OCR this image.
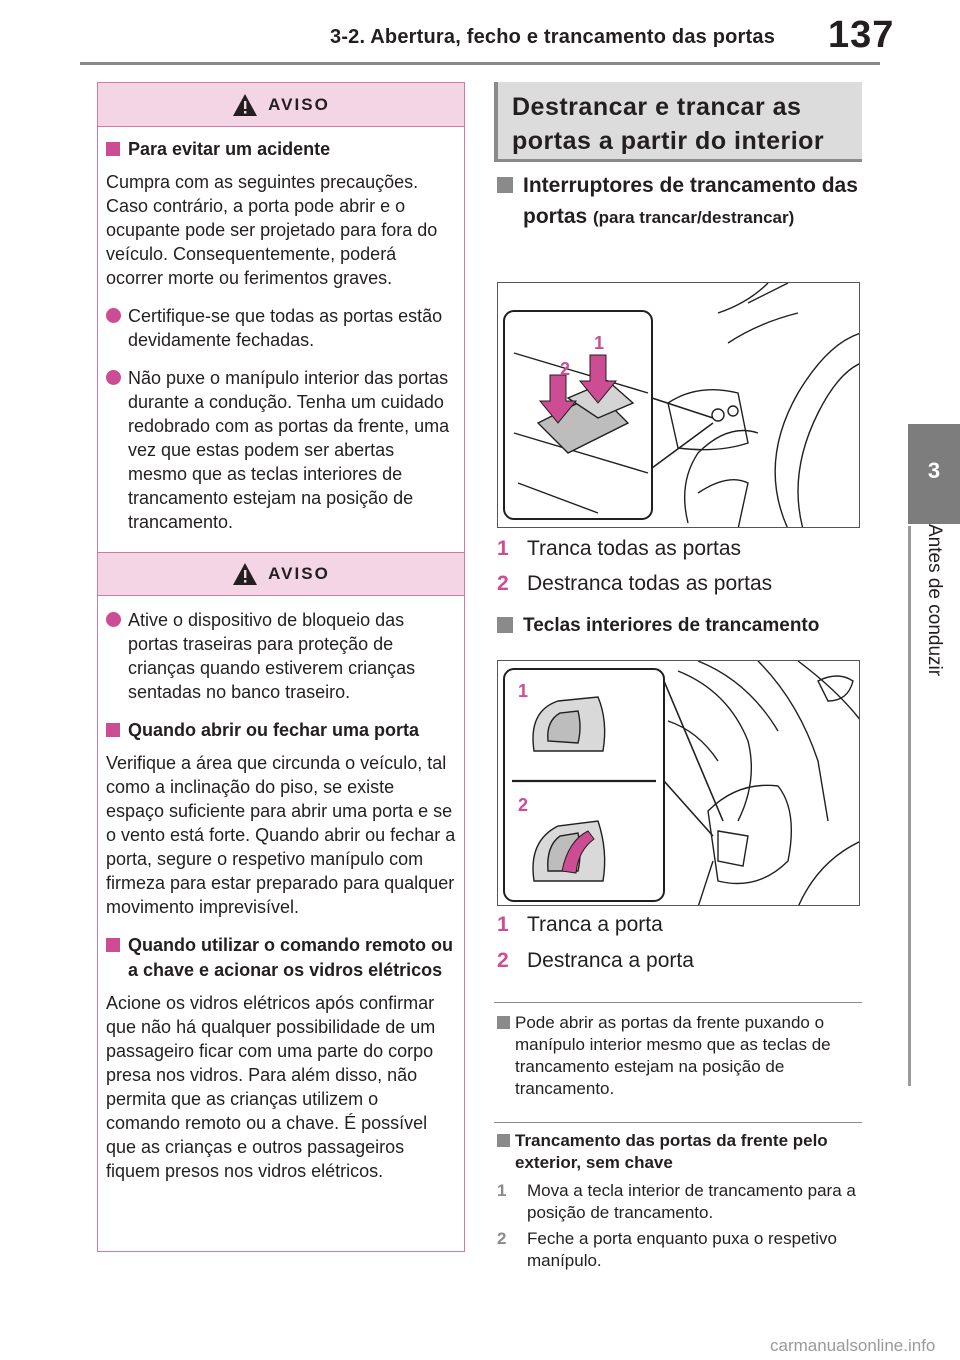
3-2. Abertura, fecho e trancamento das portas 137
3
Antes de conduzir
AVISO
Para evitar um acidente
Cumpra com as seguintes precauções. Caso contrário, a porta pode abrir e o ocupante pode ser projetado para fora do veículo. Consequentemente, poderá ocorrer morte ou ferimentos graves.
Certifique-se que todas as portas estão devidamente fechadas.
Não puxe o manípulo interior das portas durante a condução. Tenha um cuidado redobrado com as portas da frente, uma vez que estas podem ser abertas mesmo que as teclas interiores de trancamento estejam na posição de trancamento.
AVISO
Ative o dispositivo de bloqueio das portas traseiras para proteção de crianças quando estiverem crianças sentadas no banco traseiro.
Quando abrir ou fechar uma porta
Verifique a área que circunda o veículo, tal como a inclinação do piso, se existe espaço suficiente para abrir uma porta e se o vento está forte. Quando abrir ou fechar a porta, segure o respetivo manípulo com firmeza para estar preparado para qualquer movimento imprevisível.
Quando utilizar o comando remoto ou a chave e acionar os vidros elétricos
Acione os vidros elétricos após confirmar que não há qualquer possibilidade de um passageiro ficar com uma parte do corpo presa nos vidros. Para além disso, não permita que as crianças utilizem o comando remoto ou a chave. É possível que as crianças e outros passageiros fiquem presos nos vidros elétricos.
Destrancar e trancar as portas a partir do interior
Interruptores de trancamento das portas (para trancar/destrancar)
1
2
1 Tranca todas as portas
2 Destranca todas as portas
Teclas interiores de trancamento
1
2
1 Tranca a porta
2 Destranca a porta
Pode abrir as portas da frente puxando o manípulo interior mesmo que as teclas de trancamento estejam na posição de trancamento.
Trancamento das portas da frente pelo exterior, sem chave
1 Mova a tecla interior de trancamento para a posição de trancamento.
2 Feche a porta enquanto puxa o respetivo manípulo.
carmanualsonline.info
